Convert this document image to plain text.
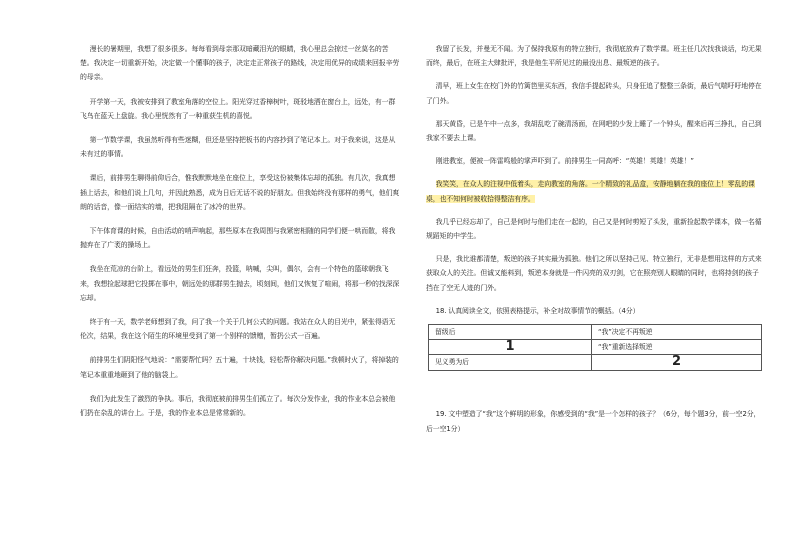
漫长的暑期里，我想了很多很多。每每看到母亲那双暗藏泪光的眼睛，我心里总会掠过一丝莫名的苦楚。我决定一切重新开始，决定做一个懂事的孩子，决定走正常孩子的路线，决定用优异的成绩来回报辛劳的母亲。

开学第一天，我被安排到了教室角落的空位上。阳光穿过香樟树叶，斑驳地洒在窗台上，远处，有一群飞鸟在蓝天上盘旋。我心里恍然有了一种重获生机的喜悦。

第一节数学课，我虽然听得有些迷糊，但还是坚持把板书的内容抄到了笔记本上。对于我来说，这是从未有过的事情。

课后，前排男生聊得前仰后合，惟我默默地坐在座位上，享受这份被集体忘却的孤独。有几次，我真想插上话去，和他们说上几句，并因此熟悉，成为日后无话不说的好朋友。但我始终没有那样的勇气，他们爽朗的话音，像一面结实的墙，把我阻隔在了冰冷的世界。

下午体育课的时候，自由活动的哨声响起，那些原本在我周围与我紧密相随的同学们便一哄而散，将我抛弃在了广袤的操场上。

我坐在荒凉的台阶上，看远处的男生们狂奔，投篮，呐喊，尖叫，偶尔，会有一个特色的篮球朝我飞来，我想捡起球把它投掷在事中，朝远处的那群男生抛去，顷刻间，他们又恢复了喧闹，将那一秒的找深深忘却。

终于有一天，数学老师想到了我，问了我一个关于几何公式的问题。我站在众人的目光中，紧张得语无伦次，结果，我在这个陌生的环境里受到了第一个别样的馈赠，暂扔公式一百遍。

前排男生们阴阳怪气地说：“需要帮忙吗？五十遍，十块钱，轻松帮你解决问题。”我顿时火了，将掉装的笔记本重重地砸到了他的脑袋上。

我们为此发生了激烈的争执。事后，我彻底被前排男生们孤立了。每次分发作业，我的作业本总会被他们扔在杂乱的讲台上。于是，我的作业本总是常常新的。

我留了长发，并曼无不闻。为了保持我原有的特立独行，我彻底放弃了数学课。班主任几次找我谈话，均无果而终，最后，在班主大肆批评，我是他生平所见过的最没出息、最叛逆的孩子。

清早，班上女生在校门外的竹篱笆里买东西，我信手提起砖头，只身狂追了整整三条街，最后气喘吁吁地停在了门外。

那天黄昏，已是午中一点多，我胡乱吃了碗清汤面，在网吧的少发上睡了一个钟头，醒来后再三挣扎，自己到我家不要去上课。

刚进教室，便被一阵雷鸣般的掌声吓到了。前排男生一同高呼：“英雄！英雄！英雄！”

我笑笑，在众人的注视中低着头，走向教室的角落。一个精致的礼品盒，安静地躺在我的座位上！零乱的课桌，也不知何时被收拾得整洁有序。

我几乎已经忘却了，自己是何时与他们走在一起的，自己又是何时剪短了头发，重新捡起数学课本，做一名循规蹈矩的中学生。

只是，我比谁都清楚，叛逆的孩子其实最为孤独。他们之所以坚持己见、特立独行，无非是想用这样的方式来获取众人的关注。但诚又能料到，叛逆本身就是一件闪亮的双刃剑，它在照亮别人眼睛的同时，也将持剑的孩子挡在了空无人迹的门外。

18. 认真阅读全文，依照表格提示，补全对故事情节的概括。（4分）

留级后	“我”决定不再叛逆
1	“我”重新选择叛逆
见义勇为后	2

19. 文中塑造了“我”这个鲜明的形象，你感受到的“我”是一个怎样的孩子？（6分，每个题3分，前一空2分，后一空1分）
